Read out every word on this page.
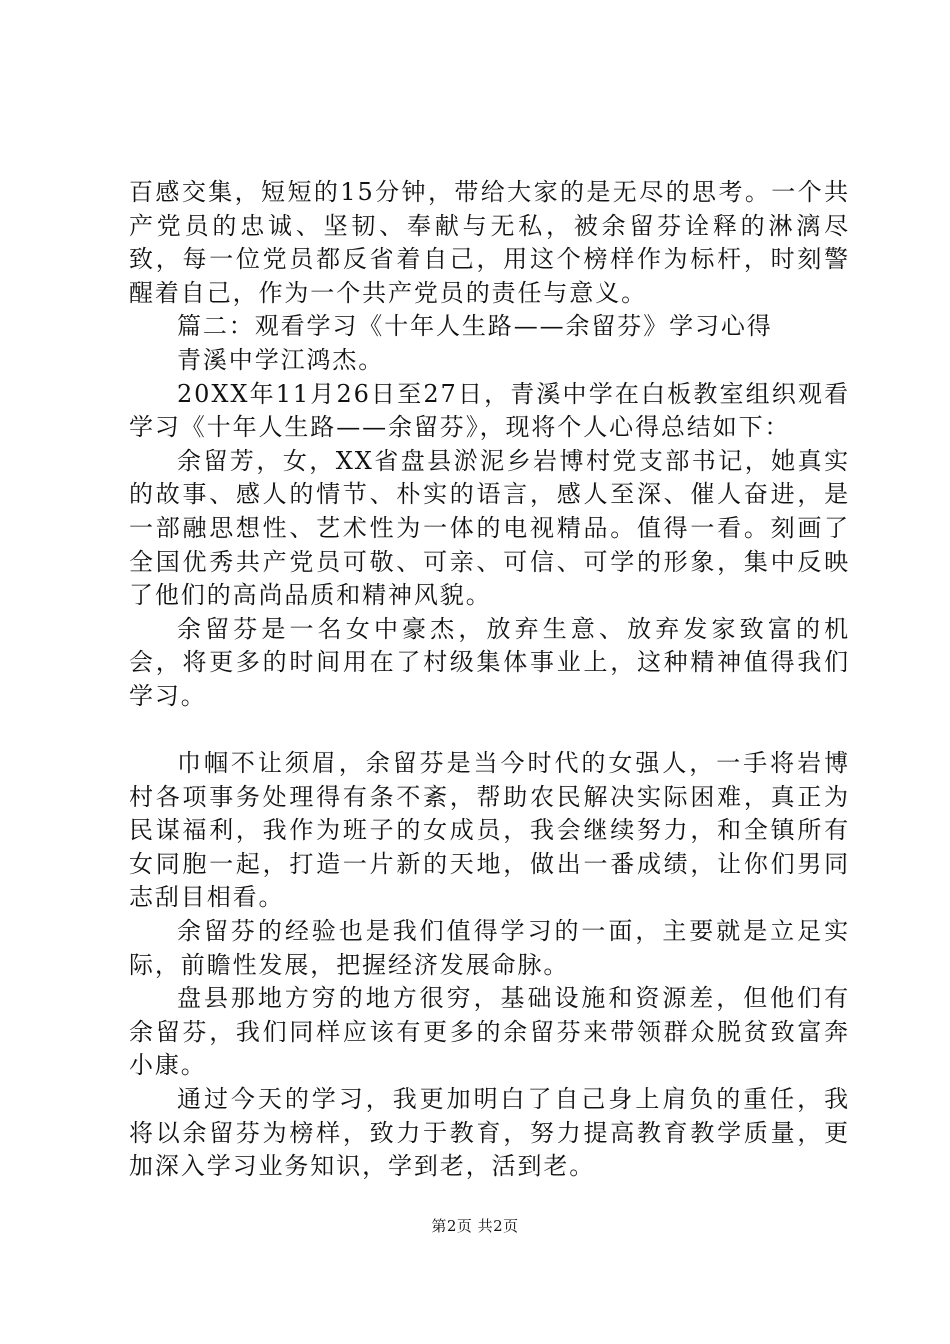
百感交集，短短的15分钟，带给大家的是无尽的思考。一个共产党员的忠诚、坚韧、奉献与无私，被余留芬诠释的淋漓尽致，每一位党员都反省着自己，用这个榜样作为标杆，时刻警醒着自己，作为一个共产党员的责任与意义。

篇二：观看学习《十年人生路——余留芬》学习心得

青溪中学江鸿杰。

20XX年11月26日至27日，青溪中学在白板教室组织观看学习《十年人生路——余留芬》，现将个人心得总结如下：

余留芳，女，XX省盘县淤泥乡岩博村党支部书记，她真实的故事、感人的情节、朴实的语言，感人至深、催人奋进，是一部融思想性、艺术性为一体的电视精品。值得一看。刻画了全国优秀共产党员可敬、可亲、可信、可学的形象，集中反映了他们的高尚品质和精神风貌。

余留芬是一名女中豪杰，放弃生意、放弃发家致富的机会，将更多的时间用在了村级集体事业上，这种精神值得我们学习。

巾帼不让须眉，余留芬是当今时代的女强人，一手将岩博村各项事务处理得有条不紊，帮助农民解决实际困难，真正为民谋福利，我作为班子的女成员，我会继续努力，和全镇所有女同胞一起，打造一片新的天地，做出一番成绩，让你们男同志刮目相看。

余留芬的经验也是我们值得学习的一面，主要就是立足实际，前瞻性发展，把握经济发展命脉。

盘县那地方穷的地方很穷，基础设施和资源差，但他们有余留芬，我们同样应该有更多的余留芬来带领群众脱贫致富奔小康。

通过今天的学习，我更加明白了自己身上肩负的重任，我将以余留芬为榜样，致力于教育，努力提高教育教学质量，更加深入学习业务知识，学到老，活到老。

第2页 共2页
